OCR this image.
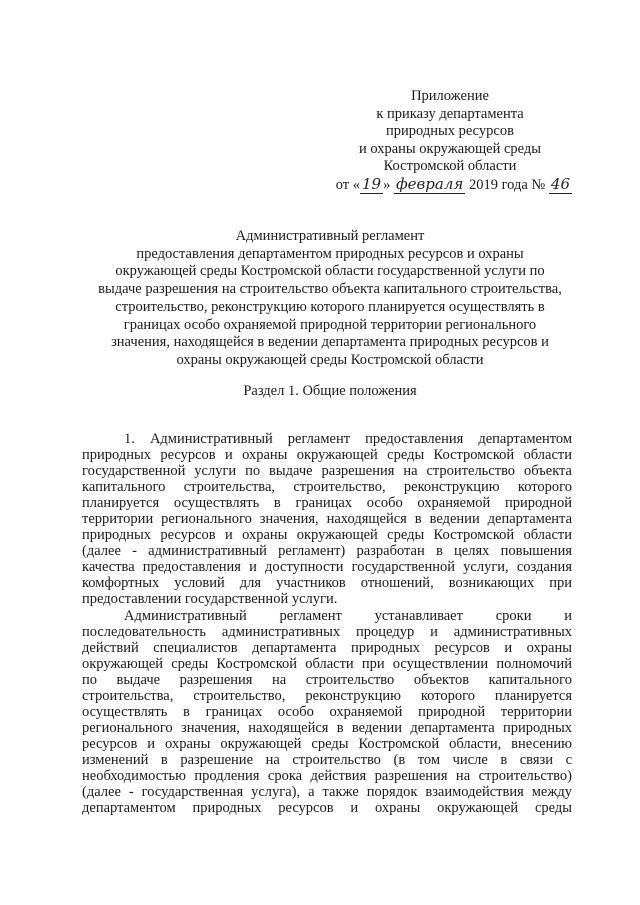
Приложение
к приказу департамента
природных ресурсов
и охраны окружающей среды
Костромской области
от « 19 » февраля 2019 года № 46
Административный регламент
предоставления департаментом природных ресурсов и охраны
окружающей среды Костромской области государственной услуги по
выдаче разрешения на строительство объекта капитального строительства,
строительство, реконструкцию которого планируется осуществлять в
границах особо охраняемой природной территории регионального
значения, находящейся в ведении департамента природных ресурсов и
охраны окружающей среды Костромской области
Раздел 1. Общие положения
1. Административный регламент предоставления департаментом
природных ресурсов и охраны окружающей среды Костромской области
государственной услуги по выдаче разрешения на строительство объекта
капитального строительства, строительство, реконструкцию которого
планируется осуществлять в границах особо охраняемой природной
территории регионального значения, находящейся в ведении департамента
природных ресурсов и охраны окружающей среды Костромской области
(далее - административный регламент) разработан в целях повышения
качества предоставления и доступности государственной услуги, создания
комфортных условий для участников отношений, возникающих при
предоставлении государственной услуги.
Административный регламент устанавливает сроки и
последовательность административных процедур и административных
действий специалистов департамента природных ресурсов и охраны
окружающей среды Костромской области при осуществлении полномочий
по выдаче разрешения на строительство объектов капитального
строительства, строительство, реконструкцию которого планируется
осуществлять в границах особо охраняемой природной территории
регионального значения, находящейся в ведении департамента природных
ресурсов и охраны окружающей среды Костромской области, внесению
изменений в разрешение на строительство (в том числе в связи с
необходимостью продления срока действия разрешения на строительство)
(далее - государственная услуга), а также порядок взаимодействия между
департаментом природных ресурсов и охраны окружающей среды
